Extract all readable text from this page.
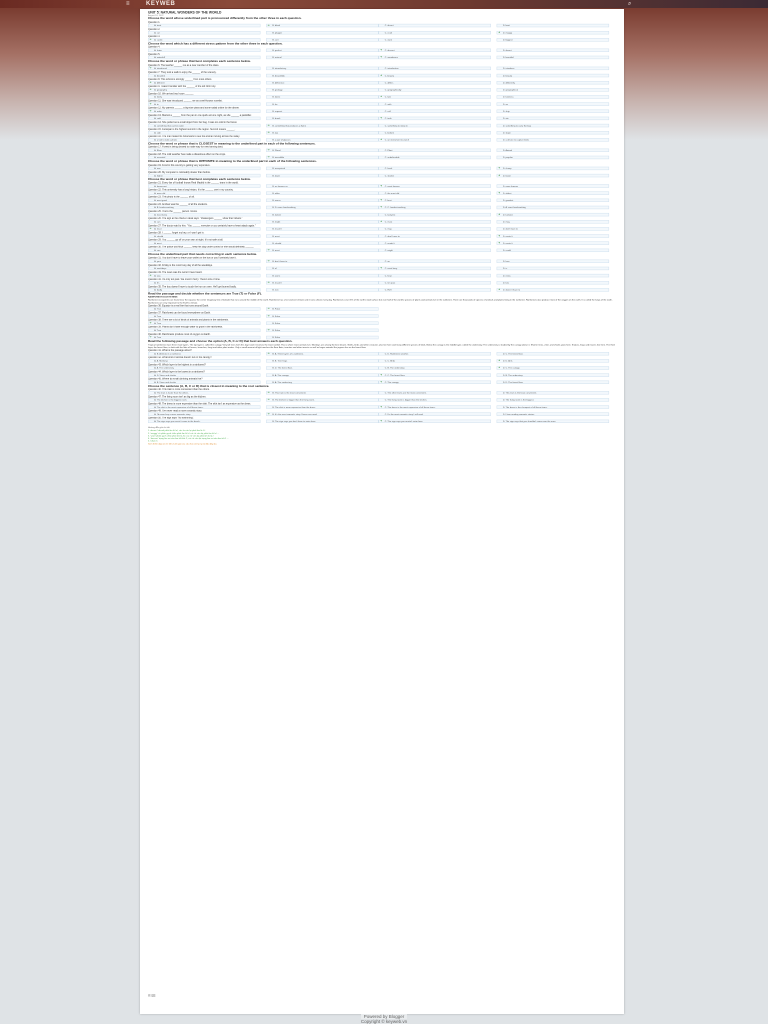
≡	KEYWEB	⌕
UNIT 5: NATURAL WONDERS OF THE WORLD
August 18, 2022
Choose the word whose underlined part is pronounced differently from the other three in each question.
Question 1.
A. treat	➜ B. bleak	C. desert	D. beat
Question 2.
A. cut	B. plugger	C. cruel	➜ D. muggy
Question 3.
➜ A. castle	B. sort	C. want	D. biggest
Choose the word which has a different stress pattern from the other three in each question.
Question 4.
A. listen	B. perfect	➜ C. dessert	D. desert
Question 5.
A. waterfall	B. natural	➜ C. wonderous	D. beautiful
Choose the word or phrase that best completes each sentence below.
Question 6. The teacher ______ me as a new member of the class.
➜ A. introduced	B. introductory	C. introduction	D. introduce
Question 7. They took a walk to enjoy the ______ of the scenery.
A. beautiful	B. beautifully	➜ C. beauty	D. beauty
Question 8. This school is strongly ______ from most others.
➜ A. different	B. difference	C. differs	D. differently
Question 9. I wasn't familiar with the ______ of the old Ninh City.
➜ A. geography	B. geology	C. geographically	D. geographical
Question 10. We arrived two hours ______.
A. lately	B. latest	➜ C. late	D. lateness
Question 11. She was introduced ______ me as a well-known novelist.
➜ A. to	B. for	C. with	D. on
Question 12. My parents ______ a big-size pizza and some salad online for the dinner.
➜ A. order	B. request	C. call	D. ship
Question 13. Marisol a ______ from the pan in one quick act one night, as she ______ a painkiller.
A. cold	B. drank	➜ C. took	D. ate
Question 14. She pulled out a small object from her bag. It was too cold in the forest.
A. something that can be eaten	➜ B. something that produces a flame	C. something to sleep in	D. something to carry the bag
Question 15. Fansipan is the highest summit in the region. Summit means ______.
A. side	➜ B. top	C. bottom	D. slope
Question 16. The man raised his binoculars to see the animal moving across the valley.
A. a tool to take a photo	B. a pair of glasses	➜ C. an instrument to watch	D. a device to capture birds
Choose the word or phrase that is CLOSEST in meaning to the underlined part in each of the following sentences.
Question 17. Forest is being cleared to make way for new farming land.
A. River	➜ B. Wood	C. Plant	D. Animal
Question 18. The cold weather has made a disastrous effect on the crops.
A. essential	➜ B. incredible	C. unbelievable	D. popular
Choose the word or phrase that is OPPOSITE in meaning to the underlined part in each of the following sentences.
Question 19. Food in this country is getting very expensive.
A. rare	B. overpriced	C. fresh	➜ D. cheap
Question 20. My computer is noticeably slower than before.
A. higher	B. lower	C. shorter	➜ D. faster
Choose the word or phrase that best completes each sentence below.
Question 21. Every fan of football knows Real Madrid is the ______ team in the world.
A. famousest	B. as famous as	➜ C. most famous	D. more famous
Question 22. This university has a long history. It's the ______ one in my country.
A. more old	B. older	C. the most old	➜ D. oldest
Question 23. This photo is the ______ of all.
A. most good	B. worse	➜ C. best	D. goodest
Question 24. Andrew was the ______ of all the students.
A. B. harder-working	B. D. more hard-working	➜ C. C. hardest-working	D. A. most hard-working
Question 25. You're the ______ person I know.
A. most lucky	B. luckier	C. luckyest	➜ D. luckiest
Question 26. The sign at the check-in desk says: "Passengers ______ show their tickets."
A. can	B. might	➜ C. must	D. may
Question 27. The doctor said to him, "You ______ exercise or you certainly have a heart attack again."
➜ A. must	B. mustn't	C. may	D. don't have to
Question 28. I ______ forget my key, or I won't get in.
A. should	B. must	C. don't have to	➜ D. mustn't
Question 29. You ______ go off on your own at night. It's not safe at all.
A. must	B. should	C. needn't	➜ D. mustn't
Question 30. The police told Mick ______ keep his dog under control or she would definitely ______.
A. can	➜ B. must	C. might	D. could
Choose the underlined part that needs correcting in each sentence below.
Question 31. You don't have to leave your wallet on the bus or you'll certainly lose it.
A. your	➜ B. don't have to	C. on	D. lose
Question 32. Friday is the most busy day of all the weekdays.
A. weekdays	B. of	➜ C. most busy	D. is
Question 33. The news was the worst I have heard.
➜ A. was	B. worst	C. hear	D. news
Question 34. It's only ten past. We mustn't hurry. There's lots of time.
A. It's	➜ B. mustn't	C. ten past	D. lots
Question 35. The boy doesn't have to touch the iron on oven. He'll get burned badly.
A. badly	B. iron	C. He'll	➜ D. doesn't have to
Read the passage and decide whether the sentences are True (T) or False (F).
RAINFOREST ECOSYSTEMS
Rainforest ecosystems are found near the equator, the center imaginary line of latitude that runs around the middle of the earth. Rainforest has a hot and wet climate and it rains almost every day. Rainforests cover 6% of the earth's land surface but over half of the world's species of plants and animals live in the rainforest. There are thousands of species of animals and plants living in the rainforest. Rainforests also produce most of the oxygen on the earth. It is called the lungs of the earth. Rainforests are very important to the Earth's climate.
Question 36. Equator is a real line that runs around Earth.
A. True	➜ B. False
Question 37. Rainforest can be found everywhere on Earth.
A. True	➜ B. False
Question 38. There are a lot of kinds of animals and plants in the rainforests.
➜ A. True	B. False
Question 39. Plants don't have enough water to grow in the rainforests.
A. True	➜ B. False
Question 40. Rainforests produce most of oxygen on Earth.
➜ A. True	B. False
Read the following passage and choose the option (A, B, C or D) that best answers each question.
Tropical rainforests have three main layers. The top layer is called the canopy. Very tall trees form this layer and it receives the most rainfall. This is where most animals live. Monkeys are among the best known. Sloths, birds and other creatures also live here and many different species of birds. Below the canopy is the middle layer, called the understory. The understory is shaded by the canopy above it. Shorter trees, vines and shrubs grow here. Snakes, frogs and insects live here. The third layer, the forest floor, is dark with the litter of leaves, branches, fungi and other plant matter. Only a small amount of light reaches the floor. Ants, termites and other insects as well as larger animals like jaguars live on the forest floor.
Question 41. What is the passage about?
A. B. Animals in a rainforest.	➜ B. A. Three layers of a rainforest.	C. D. Rainforest weather.	D. C. The forest floor.
Question 42. What kind of animal doesn't live in the canopy?
A. A. Monkeys	B. B. Tree frogs	C. C. Birds	➜ D. D. Ants
Question 43. Which layer is the highest in a rainforest?
A. A. The understory.	B. D. The forest floor.	C. B. The understory.	➜ D. C. The canopy.
Question 44. Which layer is the lowest in a rainforest?
A. D. Vines and shrubs	B. A. The canopy.	➜ C. C. The forest floor.	D. B. The understory.
Question 45. Where do small climbing animals live?
A. B. Vines and shrubs	B. A. The understory.	➜ C. The canopy	D. D. The forest floor.
Choose the sentence (A, B, C or D) that is closest in meaning to the root sentence.
Question 46. This train is more convenient than the others.
A. The train is faster than the others.	➜ B. This train is the most convenient.	C. The other trains are the most convenient.	D. This train is the least convenient.
Question 47. The living room isn't as big as the kitchen.
A. The kitchen is the biggest room.	➜ B. The kitchen is bigger than the living room.	C. The living room is bigger than the kitchen.	D. The living room is the biggest.
Question 48. The dress is more expensive than the skirt. The skirt isn't as expensive as the dress.
A. The skirt is the most expensive of all these items.	B. The skirt is more expensive than the dress.	➜ C. The dress is the most expensive of all these items.	D. The dress is the cheapest of all these items.
Question 49. I've never read a more romantic story.
A. I'd never buy a more romantic story.	➜ B. It's the most romantic story I have ever read.	C. It's the most romantic story I will read.	D. I love reading romantic stories.
Question 50. The sign says "No swimming".
A. The sign says you mustn't come to the beach.	B. The sign says you don't have to swim here.	➜ C. The sign says you mustn't swim here.	D. The sign says that you shouldn't come near the area.
Hướng dẫn giải chi tiết
1. desert /ˈdezət/ phát âm là /e/, các từ còn lại phát âm là /iː/.
2. 'muggy' có phần gạch chân phát âm là /ʌ/ các từ còn lại phát âm là /ʌ/ ...
3. 'want' phần gạch chân phát âm là /ɒ/, các từ còn lại phát âm là /ɑː/.
4. 'dessert' trọng âm rơi vào âm tiết thứ 2, các từ còn lại trọng âm rơi vào âm tiết 1 ...
5. Chọn C
Xem thêm đáp án chi tiết và lời giải các câu hỏi còn lại tại tài liệu đầy đủ.
#48
Powered by Blogger
Copyright © keyweb.vn
